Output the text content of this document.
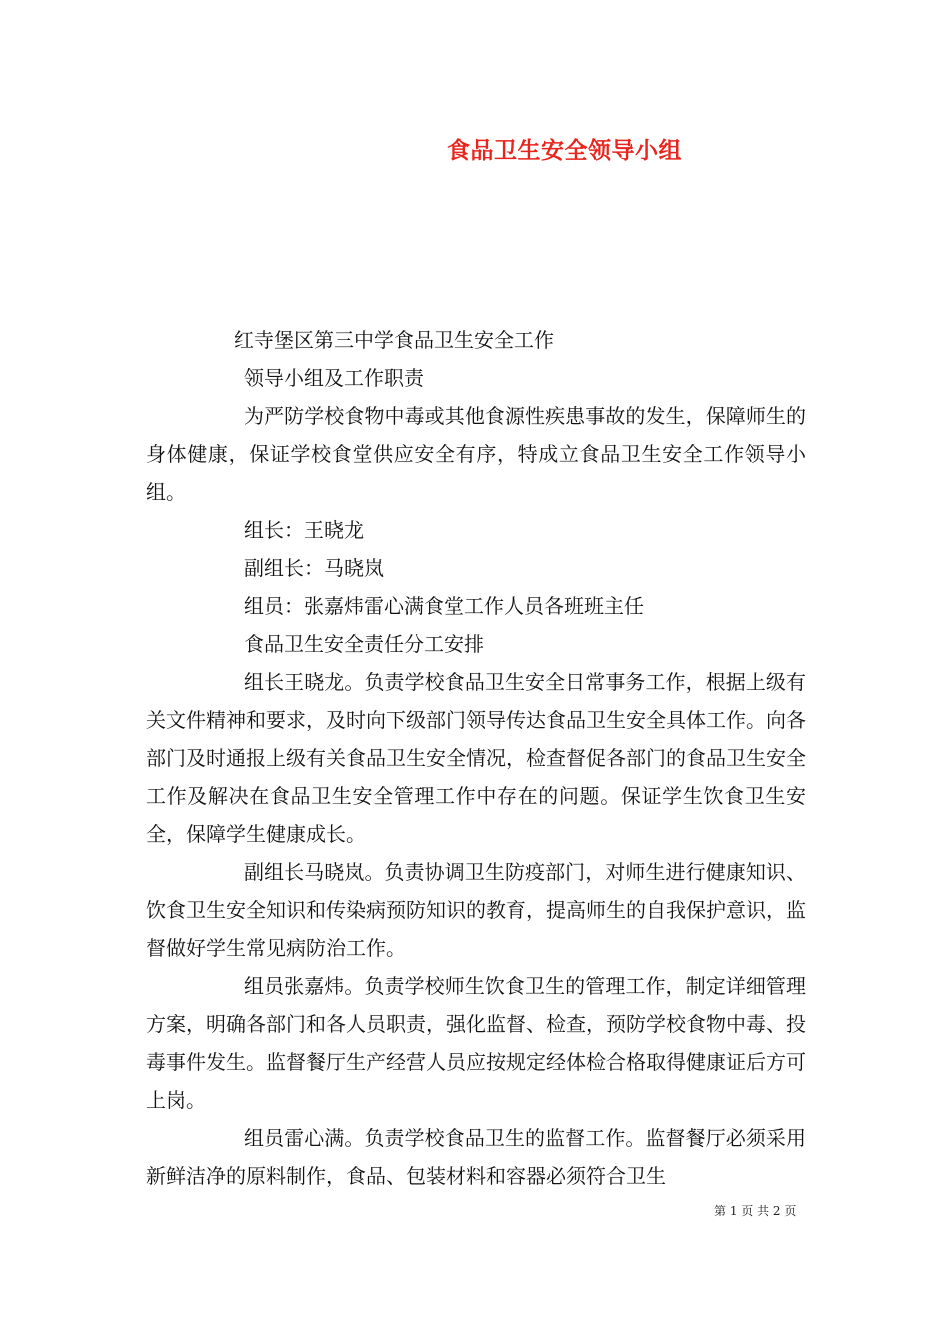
食品卫生安全领导小组

红寺堡区第三中学食品卫生安全工作

领导小组及工作职责

为严防学校食物中毒或其他食源性疾患事故的发生，保障师生的身体健康，保证学校食堂供应安全有序，特成立食品卫生安全工作领导小组。

组长：王晓龙

副组长：马晓岚

组员：张嘉炜雷心满食堂工作人员各班班主任

食品卫生安全责任分工安排

组长王晓龙。负责学校食品卫生安全日常事务工作，根据上级有关文件精神和要求，及时向下级部门领导传达食品卫生安全具体工作。向各部门及时通报上级有关食品卫生安全情况，检查督促各部门的食品卫生安全工作及解决在食品卫生安全管理工作中存在的问题。保证学生饮食卫生安全，保障学生健康成长。

副组长马晓岚。负责协调卫生防疫部门，对师生进行健康知识、饮食卫生安全知识和传染病预防知识的教育，提高师生的自我保护意识，监督做好学生常见病防治工作。

组员张嘉炜。负责学校师生饮食卫生的管理工作，制定详细管理方案，明确各部门和各人员职责，强化监督、检查，预防学校食物中毒、投毒事件发生。监督餐厅生产经营人员应按规定经体检合格取得健康证后方可上岗。

组员雷心满。负责学校食品卫生的监督工作。监督餐厅必须采用新鲜洁净的原料制作，食品、包装材料和容器必须符合卫生

第 1 页 共 2 页
